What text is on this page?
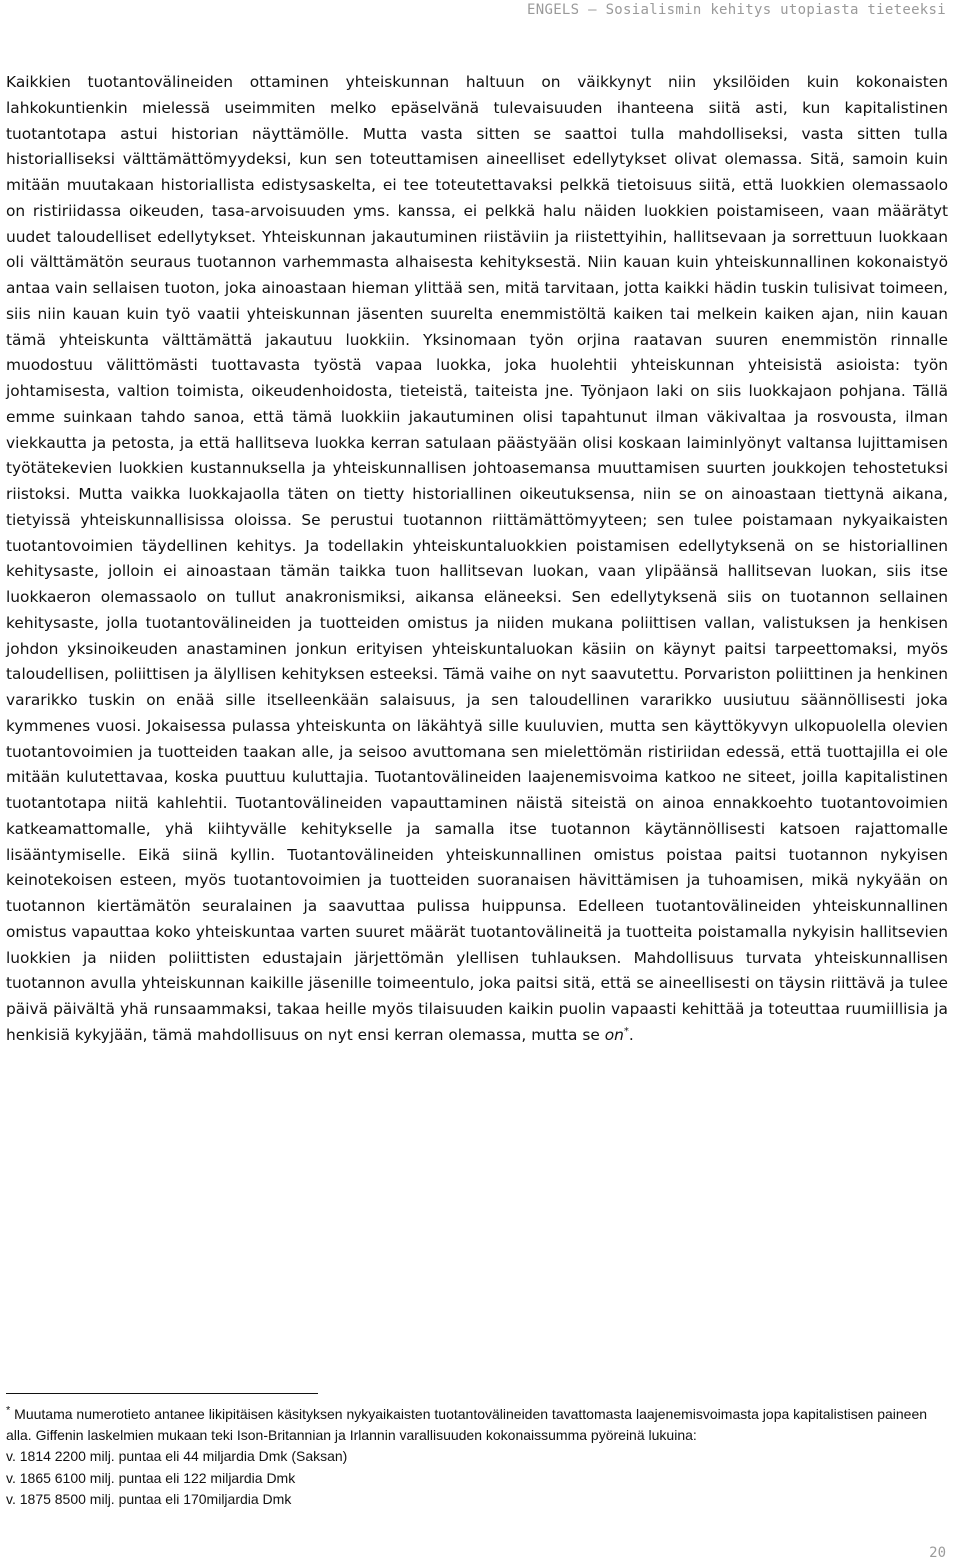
ENGELS – Sosialismin kehitys utopiasta tieteeksi

Kaikkien tuotantovälineiden ottaminen yhteiskunnan haltuun on väikkynyt niin yksilöiden kuin kokonaisten lahkokuntienkin mielessä useimmiten melko epäselvänä tulevaisuuden ihanteena siitä asti, kun kapitalistinen tuotantotapa astui historian näyttämölle. Mutta vasta sitten se saattoi tulla mahdolliseksi, vasta sitten tulla historialliseksi välttämättömyydeksi, kun sen toteuttamisen aineelliset edellytykset olivat olemassa. Sitä, samoin kuin mitään muutakaan historiallista edistysaskelta, ei tee toteutettavaksi pelkkä tietoisuus siitä, että luokkien olemassaolo on ristiriidassa oikeuden, tasa-arvoisuuden yms. kanssa, ei pelkkä halu näiden luokkien poistamiseen, vaan määrätyt uudet taloudelliset edellytykset. Yhteiskunnan jakautuminen riistäviin ja riistettyihin, hallitsevaan ja sorrettuun luokkaan oli välttämätön seuraus tuotannon varhemmasta alhaisesta kehityksestä. Niin kauan kuin yhteiskunnallinen kokonaistyö antaa vain sellaisen tuoton, joka ainoastaan hieman ylittää sen, mitä tarvitaan, jotta kaikki hädin tuskin tulisivat toimeen, siis niin kauan kuin työ vaatii yhteiskunnan jäsenten suurelta enemmistöltä kaiken tai melkein kaiken ajan, niin kauan tämä yhteiskunta välttämättä jakautuu luokkiin. Yksinomaan työn orjina raatavan suuren enemmistön rinnalle muodostuu välittömästi tuottavasta työstä vapaa luokka, joka huolehtii yhteiskunnan yhteisistä asioista: työn johtamisesta, valtion toimista, oikeudenhoidosta, tieteistä, taiteista jne. Työnjaon laki on siis luokkajaon pohjana. Tällä emme suinkaan tahdo sanoa, että tämä luokkiin jakautuminen olisi tapahtunut ilman väkivaltaa ja rosvousta, ilman viekkautta ja petosta, ja että hallitseva luokka kerran satulaan päästyään olisi koskaan laiminlyönyt valtansa lujittamisen työtätekevien luokkien kustannuksella ja yhteiskunnallisen johtoasemansa muuttamisen suurten joukkojen tehostetuksi riistoksi. Mutta vaikka luokkajaolla täten on tietty historiallinen oikeutuksensa, niin se on ainoastaan tiettynä aikana, tietyissä yhteiskunnallisissa oloissa. Se perustui tuotannon riittämättömyyteen; sen tulee poistamaan nykyaikaisten tuotantovoimien täydellinen kehitys. Ja todellakin yhteiskuntaluokkien poistamisen edellytyksenä on se historiallinen kehitysaste, jolloin ei ainoastaan tämän taikka tuon hallitsevan luokan, vaan ylipäänsä hallitsevan luokan, siis itse luokkaeron olemassaolo on tullut anakronismiksi, aikansa eläneeksi. Sen edellytyksenä siis on tuotannon sellainen kehitysaste, jolla tuotantovälineiden ja tuotteiden omistus ja niiden mukana poliittisen vallan, valistuksen ja henkisen johdon yksinoikeuden anastaminen jonkun erityisen yhteiskuntaluokan käsiin on käynyt paitsi tarpeettomaksi, myös taloudellisen, poliittisen ja älyllisen kehityksen esteeksi. Tämä vaihe on nyt saavutettu. Porvariston poliittinen ja henkinen vararikko tuskin on enää sille itselleenkään salaisuus, ja sen taloudellinen vararikko uusiutuu säännöllisesti joka kymmenes vuosi. Jokaisessa pulassa yhteiskunta on läkähtyä sille kuuluvien, mutta sen käyttökyvyn ulkopuolella olevien tuotantovoimien ja tuotteiden taakan alle, ja seisoo avuttomana sen mielettömän ristiriidan edessä, että tuottajilla ei ole mitään kulutettavaa, koska puuttuu kuluttajia. Tuotantovälineiden laajenemisvoima katkoo ne siteet, joilla kapitalistinen tuotantotapa niitä kahlehtii. Tuotantovälineiden vapauttaminen näistä siteistä on ainoa ennakkoehto tuotantovoimien katkeamattomalle, yhä kiihtyvälle kehitykselle ja samalla itse tuotannon käytännöllisesti katsoen rajattomalle lisääntymiselle. Eikä siinä kyllin. Tuotantovälineiden yhteiskunnallinen omistus poistaa paitsi tuotannon nykyisen keinotekoisen esteen, myös tuotantovoimien ja tuotteiden suoranaisen hävittämisen ja tuhoamisen, mikä nykyään on tuotannon kiertämätön seuralainen ja saavuttaa pulissa huippunsa. Edelleen tuotantovälineiden yhteiskunnallinen omistus vapauttaa koko yhteiskuntaa varten suuret määrät tuotantovälineitä ja tuotteita poistamalla nykyisin hallitsevien luokkien ja niiden poliittisten edustajain järjettömän ylellisen tuhlauksen. Mahdollisuus turvata yhteiskunnallisen tuotannon avulla yhteiskunnan kaikille jäsenille toimeentulo, joka paitsi sitä, että se aineellisesti on täysin riittävä ja tulee päivä päivältä yhä runsaammaksi, takaa heille myös tilaisuuden kaikin puolin vapaasti kehittää ja toteuttaa ruumiillisia ja henkisiä kykyjään, tämä mahdollisuus on nyt ensi kerran olemassa, mutta se on*.

* Muutama numerotieto antanee likipitäisen käsityksen nykyaikaisten tuotantovälineiden tavattomasta laajenemisvoimasta jopa kapitalistisen paineen alla. Giffenin laskelmien mukaan teki Ison-Britannian ja Irlannin varallisuuden kokonaissumma pyöreinä lukuina:

v. 1814 2200 milj. puntaa eli 44 miljardia Dmk (Saksan)

v. 1865 6100 milj. puntaa eli 122 miljardia Dmk

v. 1875 8500 milj. puntaa eli 170miljardia Dmk

20
